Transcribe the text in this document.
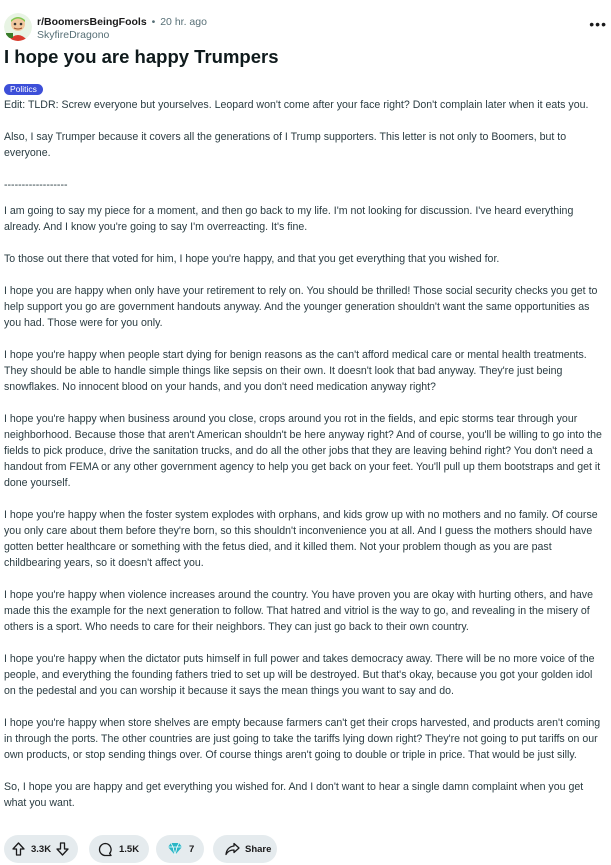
r/BoomersBeingFools • 20 hr. ago
SkyfireDragono
•••
I hope you are happy Trumpers
Politics

Edit: TLDR: Screw everyone but yourselves. Leopard won't come after your face right? Don't complain later when it eats you.

Also, I say Trumper because it covers all the generations of I Trump supporters. This letter is not only to Boomers, but to everyone.

------------------

I am going to say my piece for a moment, and then go back to my life. I'm not looking for discussion. I've heard everything already. And I know you're going to say I'm overreacting. It's fine.

To those out there that voted for him, I hope you're happy, and that you get everything that you wished for.

I hope you are happy when only have your retirement to rely on. You should be thrilled! Those social security checks you get to help support you go are government handouts anyway. And the younger generation shouldn't want the same opportunities as you had. Those were for you only.

I hope you're happy when people start dying for benign reasons as the can't afford medical care or mental health treatments. They should be able to handle simple things like sepsis on their own. It doesn't look that bad anyway. They're just being snowflakes. No innocent blood on your hands, and you don't need medication anyway right?

I hope you're happy when business around you close, crops around you rot in the fields, and epic storms tear through your neighborhood. Because those that aren't American shouldn't be here anyway right? And of course, you'll be willing to go into the fields to pick produce, drive the sanitation trucks, and do all the other jobs that they are leaving behind right? You don't need a handout from FEMA or any other government agency to help you get back on your feet. You'll pull up them bootstraps and get it done yourself.

I hope you're happy when the foster system explodes with orphans, and kids grow up with no mothers and no family. Of course you only care about them before they're born, so this shouldn't inconvenience you at all. And I guess the mothers should have gotten better healthcare or something with the fetus died, and it killed them. Not your problem though as you are past childbearing years, so it doesn't affect you.

I hope you're happy when violence increases around the country. You have proven you are okay with hurting others, and have made this the example for the next generation to follow. That hatred and vitriol is the way to go, and revealing in the misery of others is a sport. Who needs to care for their neighbors. They can just go back to their own country.

I hope you're happy when the dictator puts himself in full power and takes democracy away. There will be no more voice of the people, and everything the founding fathers tried to set up will be destroyed. But that's okay, because you got your golden idol on the pedestal and you can worship it because it says the mean things you want to say and do.

I hope you're happy when store shelves are empty because farmers can't get their crops harvested, and products aren't coming in through the ports. The other countries are just going to take the tariffs lying down right? They're not going to put tariffs on our own products, or stop sending things over. Of course things aren't going to double or triple in price. That would be just silly.

So, I hope you are happy and get everything you wished for. And I don't want to hear a single damn complaint when you get what you want.

3.3K	1.5K	7	Share
